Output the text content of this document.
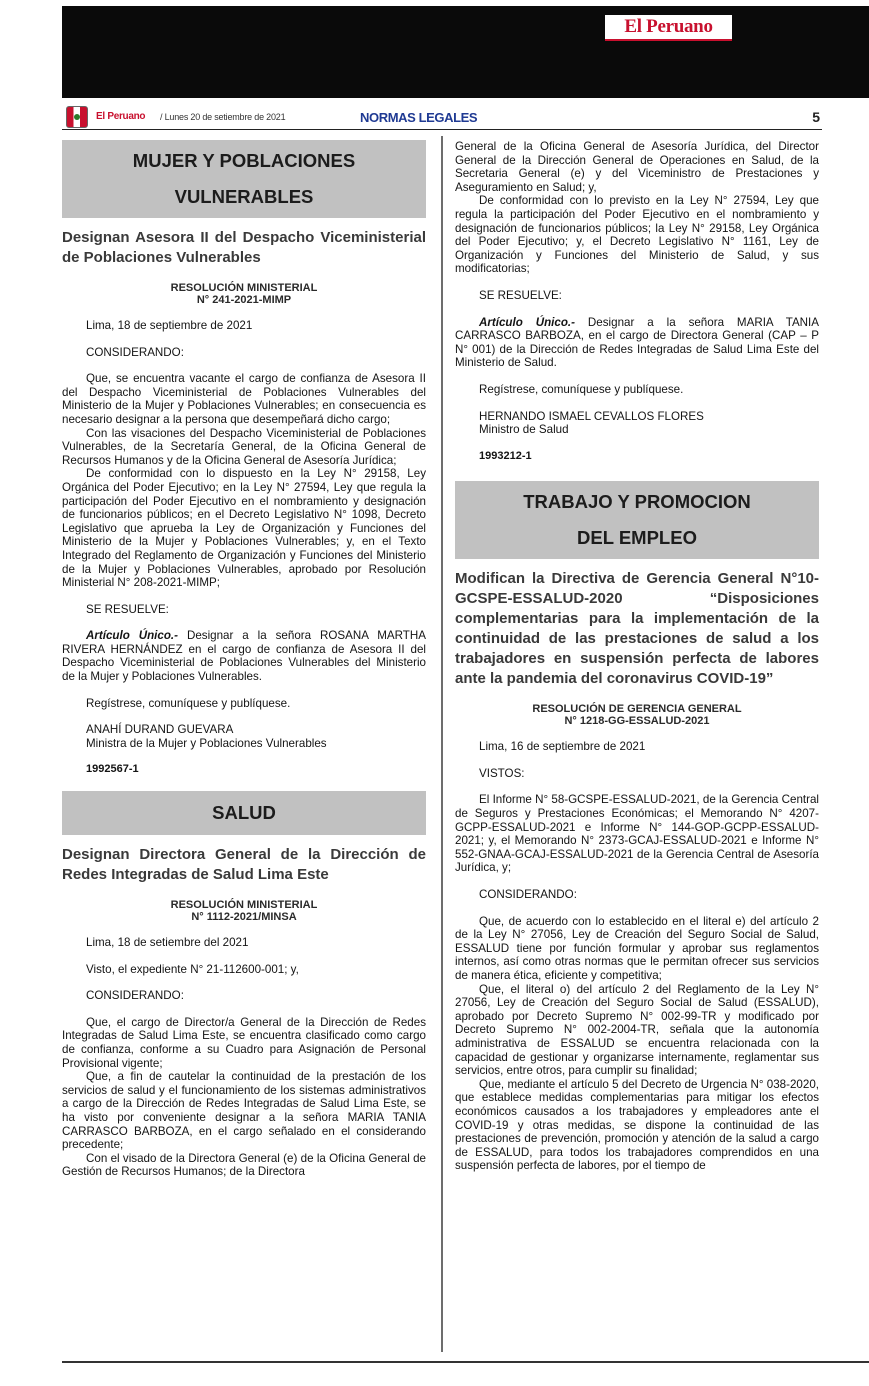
El Peruano
El Peruano / Lunes 20 de setiembre de 2021	NORMAS LEGALES	5
MUJER Y POBLACIONES
VULNERABLES
Designan Asesora II del Despacho Viceministerial de Poblaciones Vulnerables
RESOLUCIÓN MINISTERIAL
N° 241-2021-MIMP
Lima, 18 de septiembre de 2021
CONSIDERANDO:
Que, se encuentra vacante el cargo de confianza de Asesora II del Despacho Viceministerial de Poblaciones Vulnerables del Ministerio de la Mujer y Poblaciones Vulnerables; en consecuencia es necesario designar a la persona que desempeñará dicho cargo;
Con las visaciones del Despacho Viceministerial de Poblaciones Vulnerables, de la Secretaría General, de la Oficina General de Recursos Humanos y de la Oficina General de Asesoría Jurídica;
De conformidad con lo dispuesto en la Ley N° 29158, Ley Orgánica del Poder Ejecutivo; en la Ley N° 27594, Ley que regula la participación del Poder Ejecutivo en el nombramiento y designación de funcionarios públicos; en el Decreto Legislativo N° 1098, Decreto Legislativo que aprueba la Ley de Organización y Funciones del Ministerio de la Mujer y Poblaciones Vulnerables; y, en el Texto Integrado del Reglamento de Organización y Funciones del Ministerio de la Mujer y Poblaciones Vulnerables, aprobado por Resolución Ministerial N° 208-2021-MIMP;
SE RESUELVE:
Artículo Único.- Designar a la señora ROSANA MARTHA RIVERA HERNÁNDEZ en el cargo de confianza de Asesora II del Despacho Viceministerial de Poblaciones Vulnerables del Ministerio de la Mujer y Poblaciones Vulnerables.
Regístrese, comuníquese y publíquese.
ANAHÍ DURAND GUEVARA
Ministra de la Mujer y Poblaciones Vulnerables
1992567-1
SALUD
Designan Directora General de la Dirección de Redes Integradas de Salud Lima Este
RESOLUCIÓN MINISTERIAL
N° 1112-2021/MINSA
Lima, 18 de setiembre del 2021
Visto, el expediente N° 21-112600-001; y,
CONSIDERANDO:
Que, el cargo de Director/a General de la Dirección de Redes Integradas de Salud Lima Este, se encuentra clasificado como cargo de confianza, conforme a su Cuadro para Asignación de Personal Provisional vigente;
Que, a fin de cautelar la continuidad de la prestación de los servicios de salud y el funcionamiento de los sistemas administrativos a cargo de la Dirección de Redes Integradas de Salud Lima Este, se ha visto por conveniente designar a la señora MARIA TANIA CARRASCO BARBOZA, en el cargo señalado en el considerando precedente;
Con el visado de la Directora General (e) de la Oficina General de Gestión de Recursos Humanos; de la Directora
General de la Oficina General de Asesoría Jurídica, del Director General de la Dirección General de Operaciones en Salud, de la Secretaria General (e) y del Viceministro de Prestaciones y Aseguramiento en Salud; y,
De conformidad con lo previsto en la Ley N° 27594, Ley que regula la participación del Poder Ejecutivo en el nombramiento y designación de funcionarios públicos; la Ley N° 29158, Ley Orgánica del Poder Ejecutivo; y, el Decreto Legislativo N° 1161, Ley de Organización y Funciones del Ministerio de Salud, y sus modificatorias;
SE RESUELVE:
Artículo Único.- Designar a la señora MARIA TANIA CARRASCO BARBOZA, en el cargo de Directora General (CAP – P N° 001) de la Dirección de Redes Integradas de Salud Lima Este del Ministerio de Salud.
Regístrese, comuníquese y publíquese.
HERNANDO ISMAEL CEVALLOS FLORES
Ministro de Salud
1993212-1
TRABAJO Y PROMOCION
DEL EMPLEO
Modifican la Directiva de Gerencia General N°10-GCSPE-ESSALUD-2020 “Disposiciones complementarias para la implementación de la continuidad de las prestaciones de salud a los trabajadores en suspensión perfecta de labores ante la pandemia del coronavirus COVID-19”
RESOLUCIÓN DE GERENCIA GENERAL
N° 1218-GG-ESSALUD-2021
Lima, 16 de septiembre de 2021
VISTOS:
El Informe N° 58-GCSPE-ESSALUD-2021, de la Gerencia Central de Seguros y Prestaciones Económicas; el Memorando N° 4207-GCPP-ESSALUD-2021 e Informe N° 144-GOP-GCPP-ESSALUD-2021; y, el Memorando N° 2373-GCAJ-ESSALUD-2021 e Informe N° 552-GNAA-GCAJ-ESSALUD-2021 de la Gerencia Central de Asesoría Jurídica, y;
CONSIDERANDO:
Que, de acuerdo con lo establecido en el literal e) del artículo 2 de la Ley N° 27056, Ley de Creación del Seguro Social de Salud, ESSALUD tiene por función formular y aprobar sus reglamentos internos, así como otras normas que le permitan ofrecer sus servicios de manera ética, eficiente y competitiva;
Que, el literal o) del artículo 2 del Reglamento de la Ley N° 27056, Ley de Creación del Seguro Social de Salud (ESSALUD), aprobado por Decreto Supremo N° 002-99-TR y modificado por Decreto Supremo N° 002-2004-TR, señala que la autonomía administrativa de ESSALUD se encuentra relacionada con la capacidad de gestionar y organizarse internamente, reglamentar sus servicios, entre otros, para cumplir su finalidad;
Que, mediante el artículo 5 del Decreto de Urgencia N° 038-2020, que establece medidas complementarias para mitigar los efectos económicos causados a los trabajadores y empleadores ante el COVID-19 y otras medidas, se dispone la continuidad de las prestaciones de prevención, promoción y atención de la salud a cargo de ESSALUD, para todos los trabajadores comprendidos en una suspensión perfecta de labores, por el tiempo de
